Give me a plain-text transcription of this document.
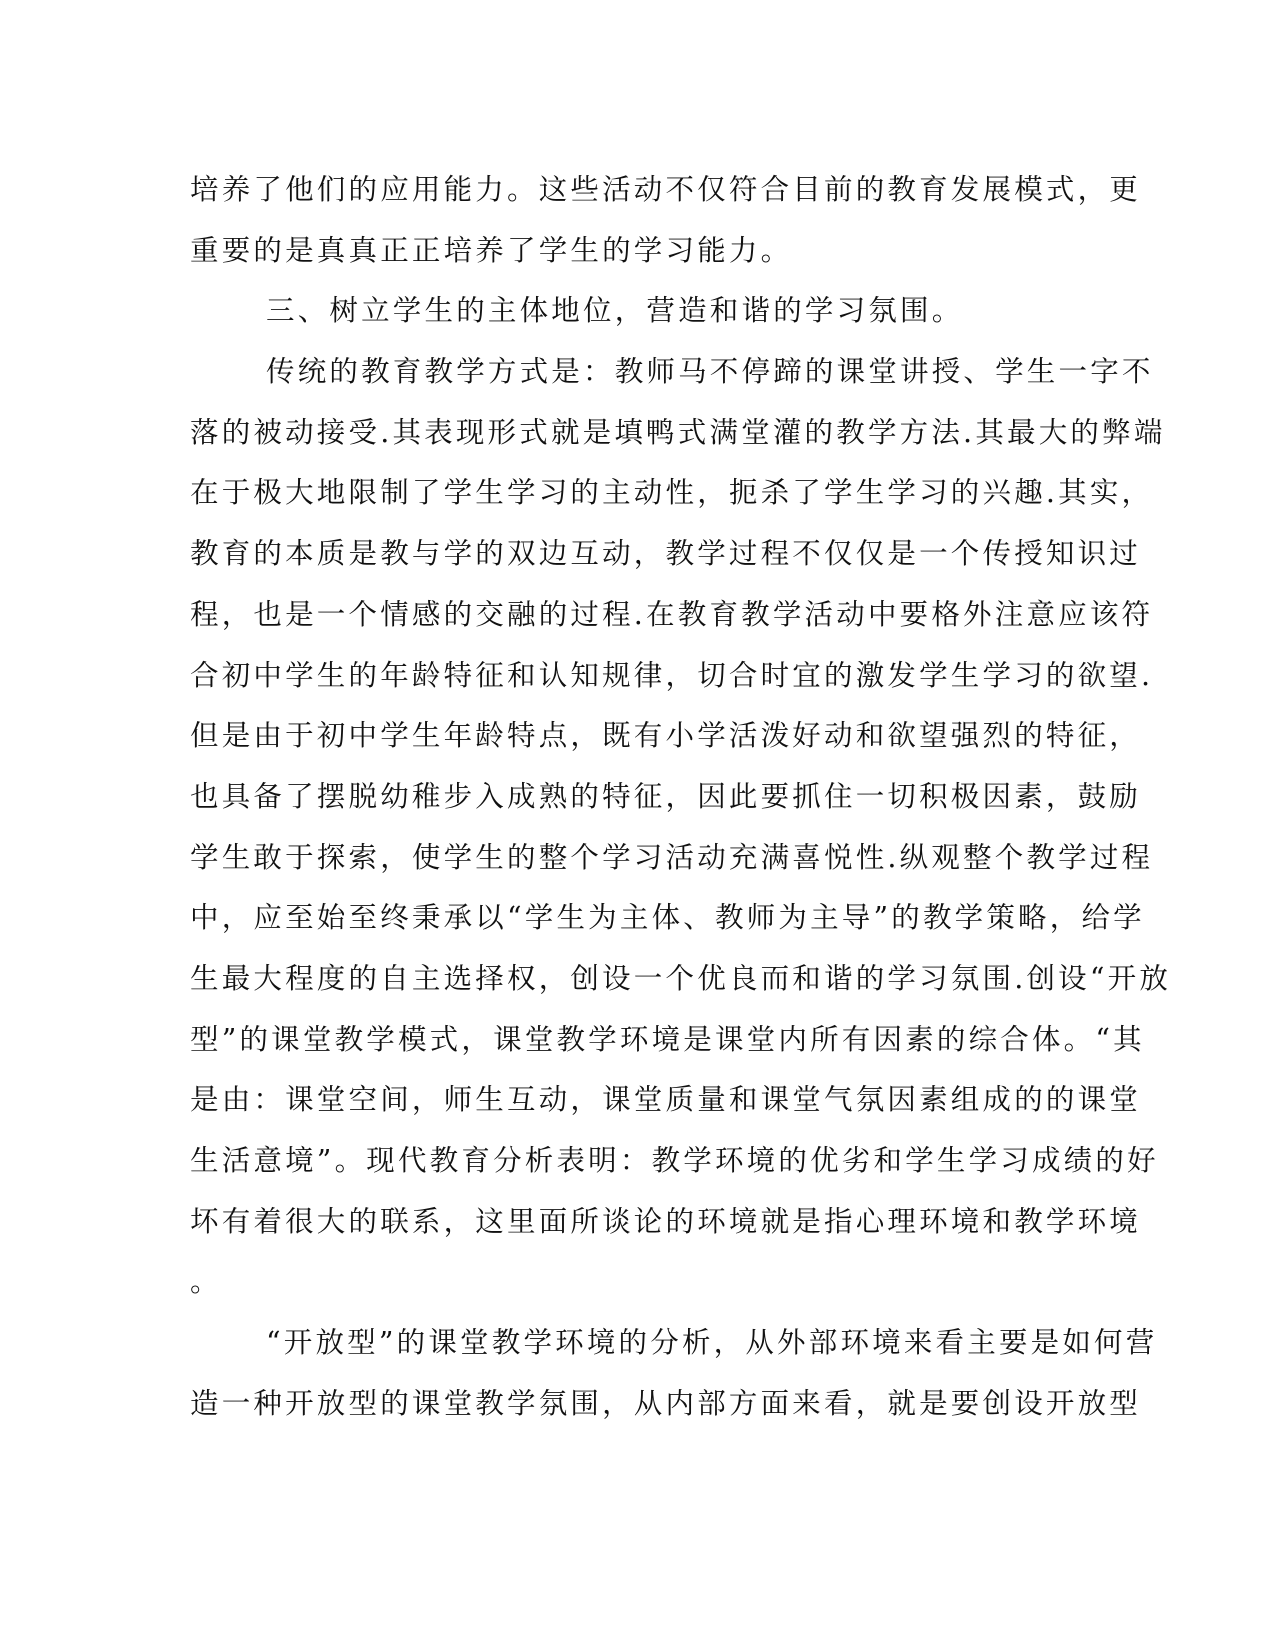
培养了他们的应用能力。这些活动不仅符合目前的教育发展模式，更
重要的是真真正正培养了学生的学习能力。
三、树立学生的主体地位，营造和谐的学习氛围。
传统的教育教学方式是：教师马不停蹄的课堂讲授、学生一字不
落的被动接受.其表现形式就是填鸭式满堂灌的教学方法.其最大的弊端
在于极大地限制了学生学习的主动性，扼杀了学生学习的兴趣.其实，
教育的本质是教与学的双边互动，教学过程不仅仅是一个传授知识过
程，也是一个情感的交融的过程.在教育教学活动中要格外注意应该符
合初中学生的年龄特征和认知规律，切合时宜的激发学生学习的欲望.
但是由于初中学生年龄特点，既有小学活泼好动和欲望强烈的特征，
也具备了摆脱幼稚步入成熟的特征，因此要抓住一切积极因素，鼓励
学生敢于探索，使学生的整个学习活动充满喜悦性.纵观整个教学过程
中，应至始至终秉承以“学生为主体、教师为主导”的教学策略，给学
生最大程度的自主选择权，创设一个优良而和谐的学习氛围.创设“开放
型”的课堂教学模式，课堂教学环境是课堂内所有因素的综合体。“其
是由：课堂空间，师生互动，课堂质量和课堂气氛因素组成的的课堂
生活意境”。现代教育分析表明：教学环境的优劣和学生学习成绩的好
坏有着很大的联系，这里面所谈论的环境就是指心理环境和教学环境
。
“开放型”的课堂教学环境的分析，从外部环境来看主要是如何营
造一种开放型的课堂教学氛围，从内部方面来看，就是要创设开放型
